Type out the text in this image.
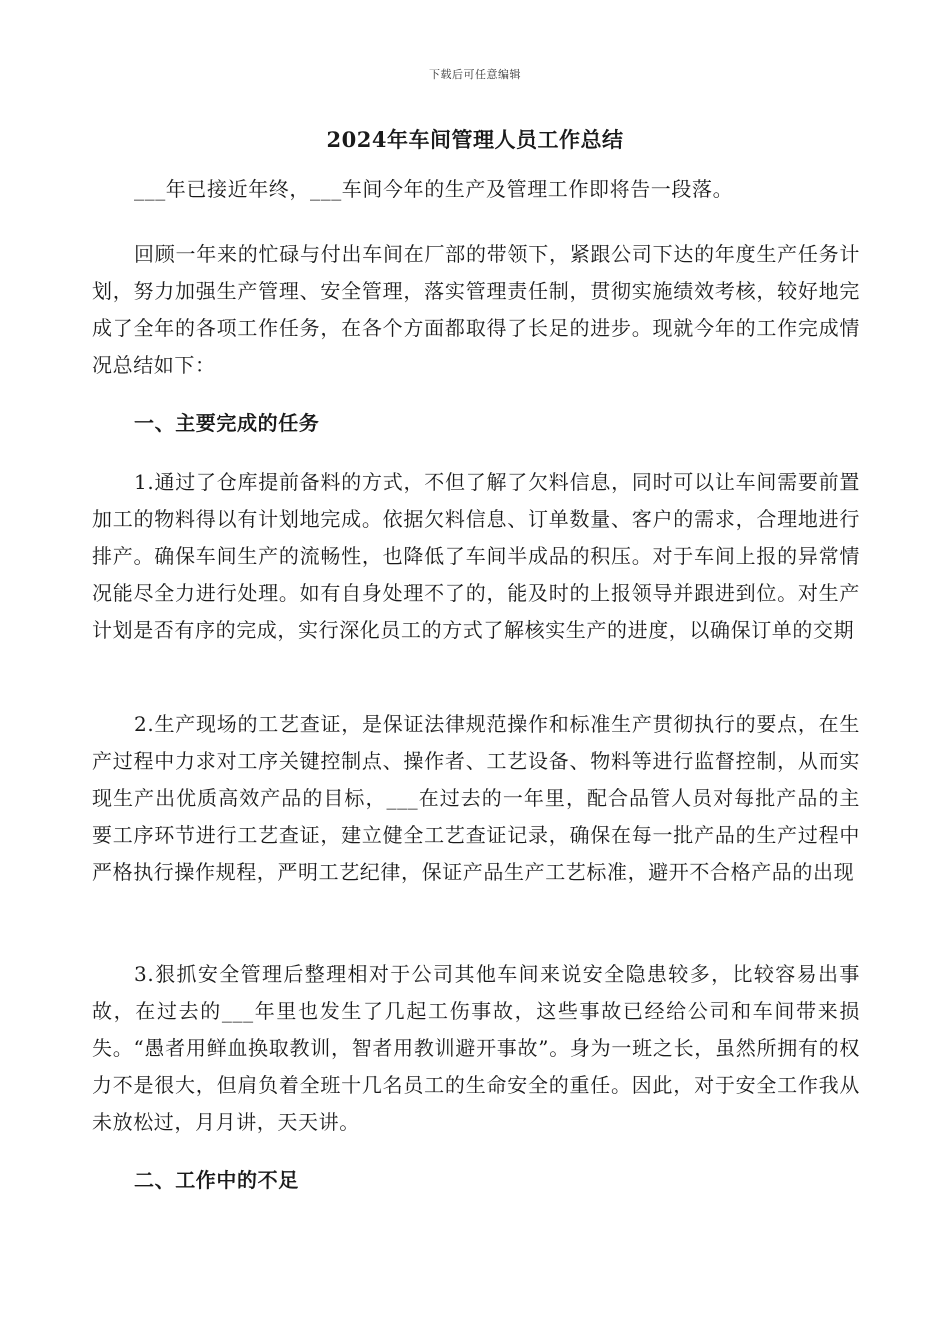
下载后可任意编辑
2024年车间管理人员工作总结

___年已接近年终，___车间今年的生产及管理工作即将告一段落。

回顾一年来的忙碌与付出车间在厂部的带领下，紧跟公司下达的年度生产任务计划，努力加强生产管理、安全管理，落实管理责任制，贯彻实施绩效考核，较好地完成了全年的各项工作任务，在各个方面都取得了长足的进步。现就今年的工作完成情况总结如下：

一、主要完成的任务

1.通过了仓库提前备料的方式，不但了解了欠料信息，同时可以让车间需要前置加工的物料得以有计划地完成。依据欠料信息、订单数量、客户的需求，合理地进行排产。确保车间生产的流畅性，也降低了车间半成品的积压。对于车间上报的异常情况能尽全力进行处理。如有自身处理不了的，能及时的上报领导并跟进到位。对生产计划是否有序的完成，实行深化员工的方式了解核实生产的进度，以确保订单的交期

2.生产现场的工艺查证，是保证法律规范操作和标准生产贯彻执行的要点，在生产过程中力求对工序关键控制点、操作者、工艺设备、物料等进行监督控制，从而实现生产出优质高效产品的目标，___在过去的一年里，配合品管人员对每批产品的主要工序环节进行工艺查证，建立健全工艺查证记录，确保在每一批产品的生产过程中严格执行操作规程，严明工艺纪律，保证产品生产工艺标准，避开不合格产品的出现

3.狠抓安全管理后整理相对于公司其他车间来说安全隐患较多，比较容易出事故，在过去的___年里也发生了几起工伤事故，这些事故已经给公司和车间带来损失。“愚者用鲜血换取教训，智者用教训避开事故”。身为一班之长，虽然所拥有的权力不是很大，但肩负着全班十几名员工的生命安全的重任。因此，对于安全工作我从未放松过，月月讲，天天讲。

二、工作中的不足
